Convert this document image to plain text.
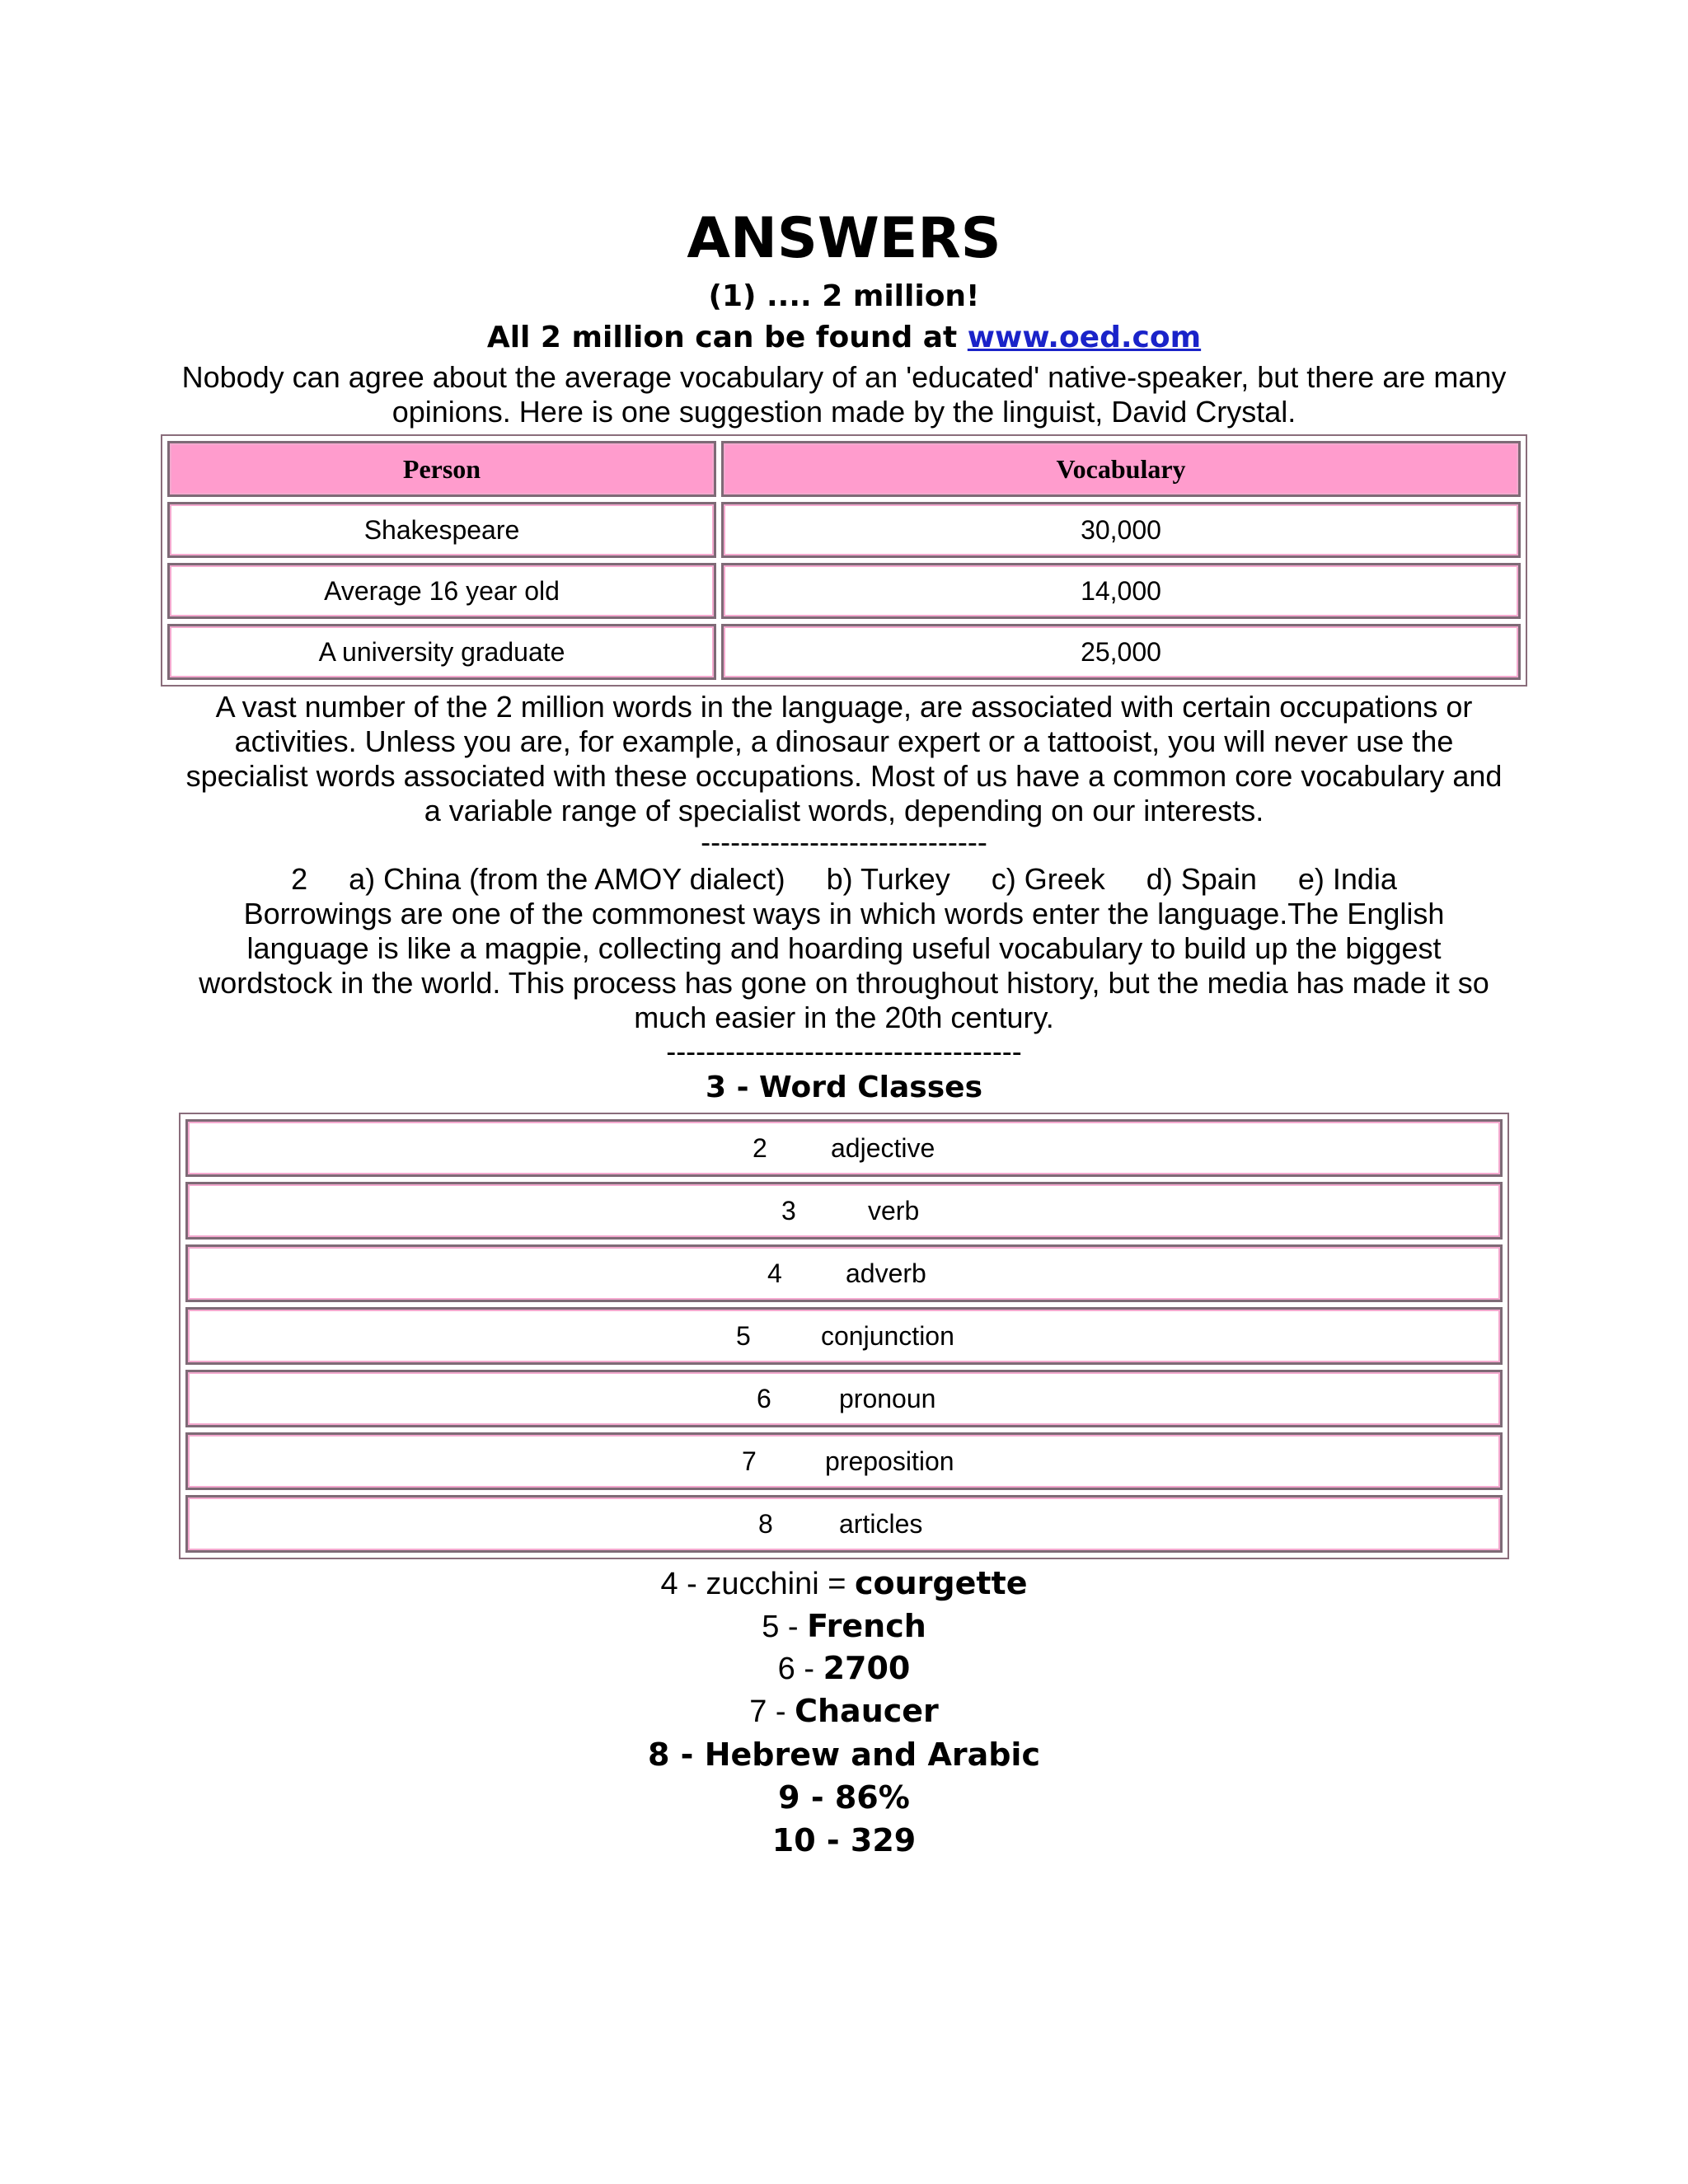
ANSWERS
(1) .... 2 million!
All 2 million can be found at www.oed.com
Nobody can agree about the average vocabulary of an 'educated' native-speaker, but there are many opinions. Here is one suggestion made by the linguist, David Crystal.
Person	Vocabulary
Shakespeare	30,000
Average 16 year old	14,000
A university graduate	25,000
A vast number of the 2 million words in the language, are associated with certain occupations or activities. Unless you are, for example, a dinosaur expert or a tattooist, you will never use the specialist words associated with these occupations. Most of us have a common core vocabulary and a variable range of specialist words, depending on our interests.
-----------------------------
2     a) China (from the AMOY dialect)     b) Turkey     c) Greek     d) Spain     e) India
Borrowings are one of the commonest ways in which words enter the language.The English language is like a magpie, collecting and hoarding useful vocabulary to build up the biggest wordstock in the world. This process has gone on throughout history, but the media has made it so much easier in the 20th century.
------------------------------------
3 - Word Classes
2 adjective

3	verb

4 adverb

5	conjunction

6	pronoun

7	preposition

8	articles
4 - zucchini = courgette
5 - French
6 - 2700
7 - Chaucer
8 - Hebrew and Arabic
9 - 86%
10 - 329
